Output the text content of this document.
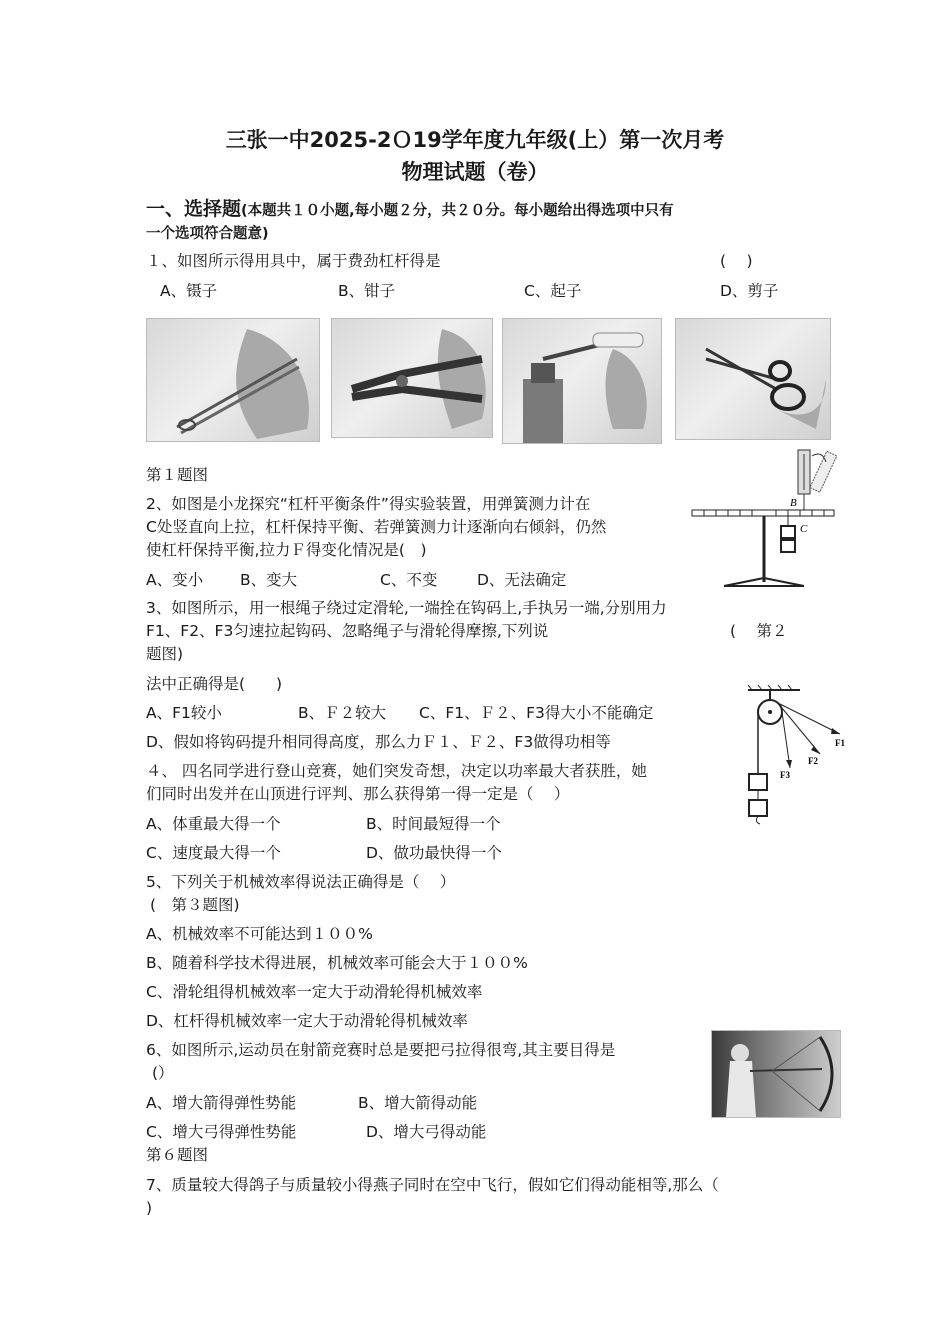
三张一中2025-2Ｏ19学年度九年级(上）第一次月考
物理试题（卷）
一、选择题(本题共１０小题,每小题２分，共２０分。每小题给出得选项中只有
一个选项符合题意)
１、如图所示得用具中，属于费劲杠杆得是	(　 )
A、镊子	B、钳子	C、起子	D、剪子
第１题图
2、如图是小龙探究“杠杆平衡条件”得实验装置，用弹簧测力计在
C处竖直向上拉，杠杆保持平衡、若弹簧测力计逐渐向右倾斜，仍然
使杠杆保持平衡,拉力Ｆ得变化情况是(　)
A、变小 B、变大	C、不变	D、无法确定
B
C
3、如图所示，用一根绳子绕过定滑轮,一端拴在钩码上,手执另一端,分别用力
F1、F2、F3匀速拉起钩码、忽略绳子与滑轮得摩擦,下列说	(　 第２
题图)
法中正确得是(　　)
A、F1较小	B、Ｆ２较大 C、F1、Ｆ２、F3得大小不能确定
D、假如将钩码提升相同得高度，那么力Ｆ１、Ｆ２、F3做得功相等	F1
F2
F3
４、 四名同学进行登山竞赛，她们突发奇想，决定以功率最大者获胜，她
们同时出发并在山顶进行评判、那么获得第一得一定是（　 ）
A、体重最大得一个	B、时间最短得一个
C、速度最大得一个	D、做功最快得一个
5、下列关于机械效率得说法正确得是（　 ）
(　第３题图)
A、机械效率不可能达到１００%
B、随着科学技术得进展，机械效率可能会大于１００%
C、滑轮组得机械效率一定大于动滑轮得机械效率
D、杠杆得机械效率一定大于动滑轮得机械效率
6、如图所示,运动员在射箭竞赛时总是要把弓拉得很弯,其主要目得是
(）
A、增大箭得弹性势能	B、增大箭得动能
C、增大弓得弹性势能	D、增大弓得动能
第６题图
7、质量较大得鸽子与质量较小得燕子同时在空中飞行，假如它们得动能相等,那么（
)
